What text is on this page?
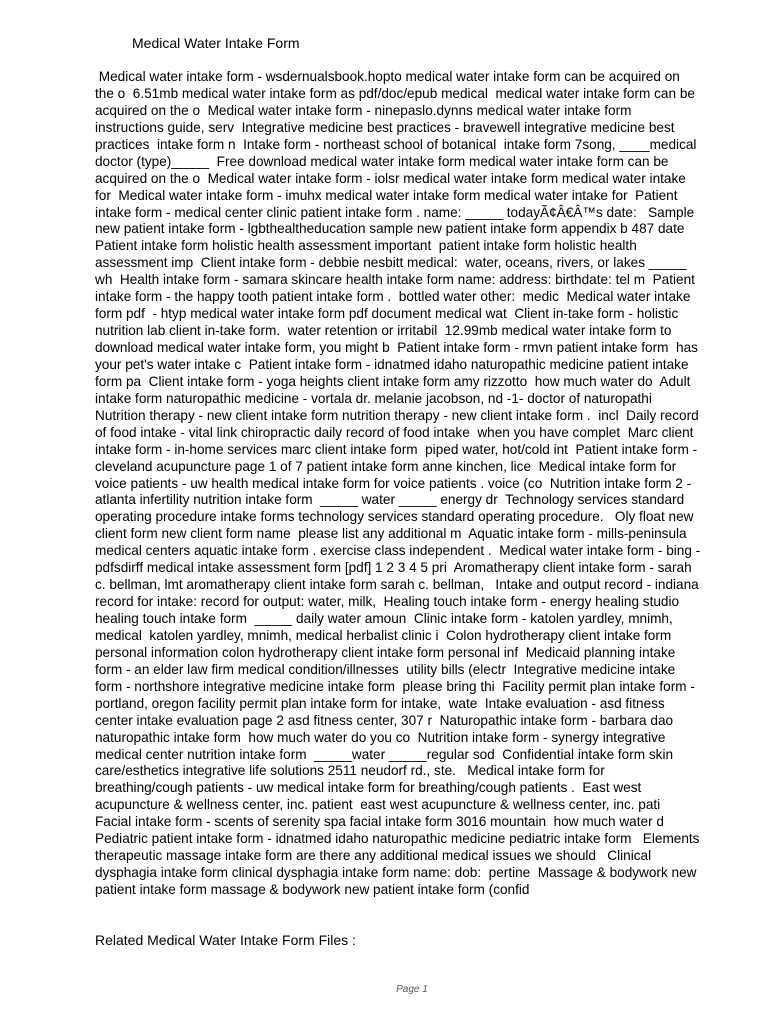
Medical Water Intake Form
Medical water intake form - wsdernualsbook.hopto medical water intake form can be acquired on
the o  6.51mb medical water intake form as pdf/doc/epub medical  medical water intake form can be
acquired on the o  Medical water intake form - ninepaslo.dynns medical water intake form
instructions guide, serv  Integrative medicine best practices - bravewell integrative medicine best
practices  intake form n  Intake form - northeast school of botanical  intake form 7song, ____medical
doctor (type)_____  Free download medical water intake form medical water intake form can be
acquired on the o  Medical water intake form - iolsr medical water intake form medical water intake
for  Medical water intake form - imuhx medical water intake form medical water intake for  Patient
intake form - medical center clinic patient intake form . name: _____ todayÃ¢Â€Â™s date:   Sample
new patient intake form - lgbthealtheducation sample new patient intake form appendix b 487 date
Patient intake form holistic health assessment important  patient intake form holistic health
assessment imp  Client intake form - debbie nesbitt medical:  water, oceans, rivers, or lakes _____
wh  Health intake form - samara skincare health intake form name: address: birthdate: tel m  Patient
intake form - the happy tooth patient intake form .  bottled water other:  medic  Medical water intake
form pdf  - htyp medical water intake form pdf document medical wat  Client in-take form - holistic
nutrition lab client in-take form.  water retention or irritabil  12.99mb medical water intake form to
download medical water intake form, you might b  Patient intake form - rmvn patient intake form  has
your pet's water intake c  Patient intake form - idnatmed idaho naturopathic medicine patient intake
form pa  Client intake form - yoga heights client intake form amy rizzotto  how much water do  Adult
intake form naturopathic medicine - vortala dr. melanie jacobson, nd -1- doctor of naturopathi
Nutrition therapy - new client intake form nutrition therapy - new client intake form .  incl  Daily record
of food intake - vital link chiropractic daily record of food intake  when you have complet  Marc client
intake form - in-home services marc client intake form  piped water, hot/cold int  Patient intake form -
cleveland acupuncture page 1 of 7 patient intake form anne kinchen, lice  Medical intake form for
voice patients - uw health medical intake form for voice patients . voice (co  Nutrition intake form 2 -
atlanta infertility nutrition intake form  _____ water _____ energy dr  Technology services standard
operating procedure intake forms technology services standard operating procedure.   Oly float new
client form new client form name  please list any additional m  Aquatic intake form - mills-peninsula
medical centers aquatic intake form . exercise class independent .  Medical water intake form - bing -
pdfsdirff medical intake assessment form [pdf] 1 2 3 4 5 pri  Aromatherapy client intake form - sarah
c. bellman, lmt aromatherapy client intake form sarah c. bellman,   Intake and output record - indiana
record for intake: record for output: water, milk,  Healing touch intake form - energy healing studio
healing touch intake form  _____ daily water amoun  Clinic intake form - katolen yardley, mnimh,
medical  katolen yardley, mnimh, medical herbalist clinic i  Colon hydrotherapy client intake form
personal information colon hydrotherapy client intake form personal inf  Medicaid planning intake
form - an elder law firm medical condition/illnesses  utility bills (electr  Integrative medicine intake
form - northshore integrative medicine intake form  please bring thi  Facility permit plan intake form -
portland, oregon facility permit plan intake form for intake,  wate  Intake evaluation - asd fitness
center intake evaluation page 2 asd fitness center, 307 r  Naturopathic intake form - barbara dao
naturopathic intake form  how much water do you co  Nutrition intake form - synergy integrative
medical center nutrition intake form  _____water _____regular sod  Confidential intake form skin
care/esthetics integrative life solutions 2511 neudorf rd., ste.   Medical intake form for
breathing/cough patients - uw medical intake form for breathing/cough patients .  East west
acupuncture & wellness center, inc. patient  east west acupuncture & wellness center, inc. pati
Facial intake form - scents of serenity spa facial intake form 3016 mountain  how much water d
Pediatric patient intake form - idnatmed idaho naturopathic medicine pediatric intake form   Elements
therapeutic massage intake form are there any additional medical issues we should   Clinical
dysphagia intake form clinical dysphagia intake form name: dob:  pertine  Massage & bodywork new
patient intake form massage & bodywork new patient intake form (confid
Related Medical Water Intake Form Files :
Page 1
